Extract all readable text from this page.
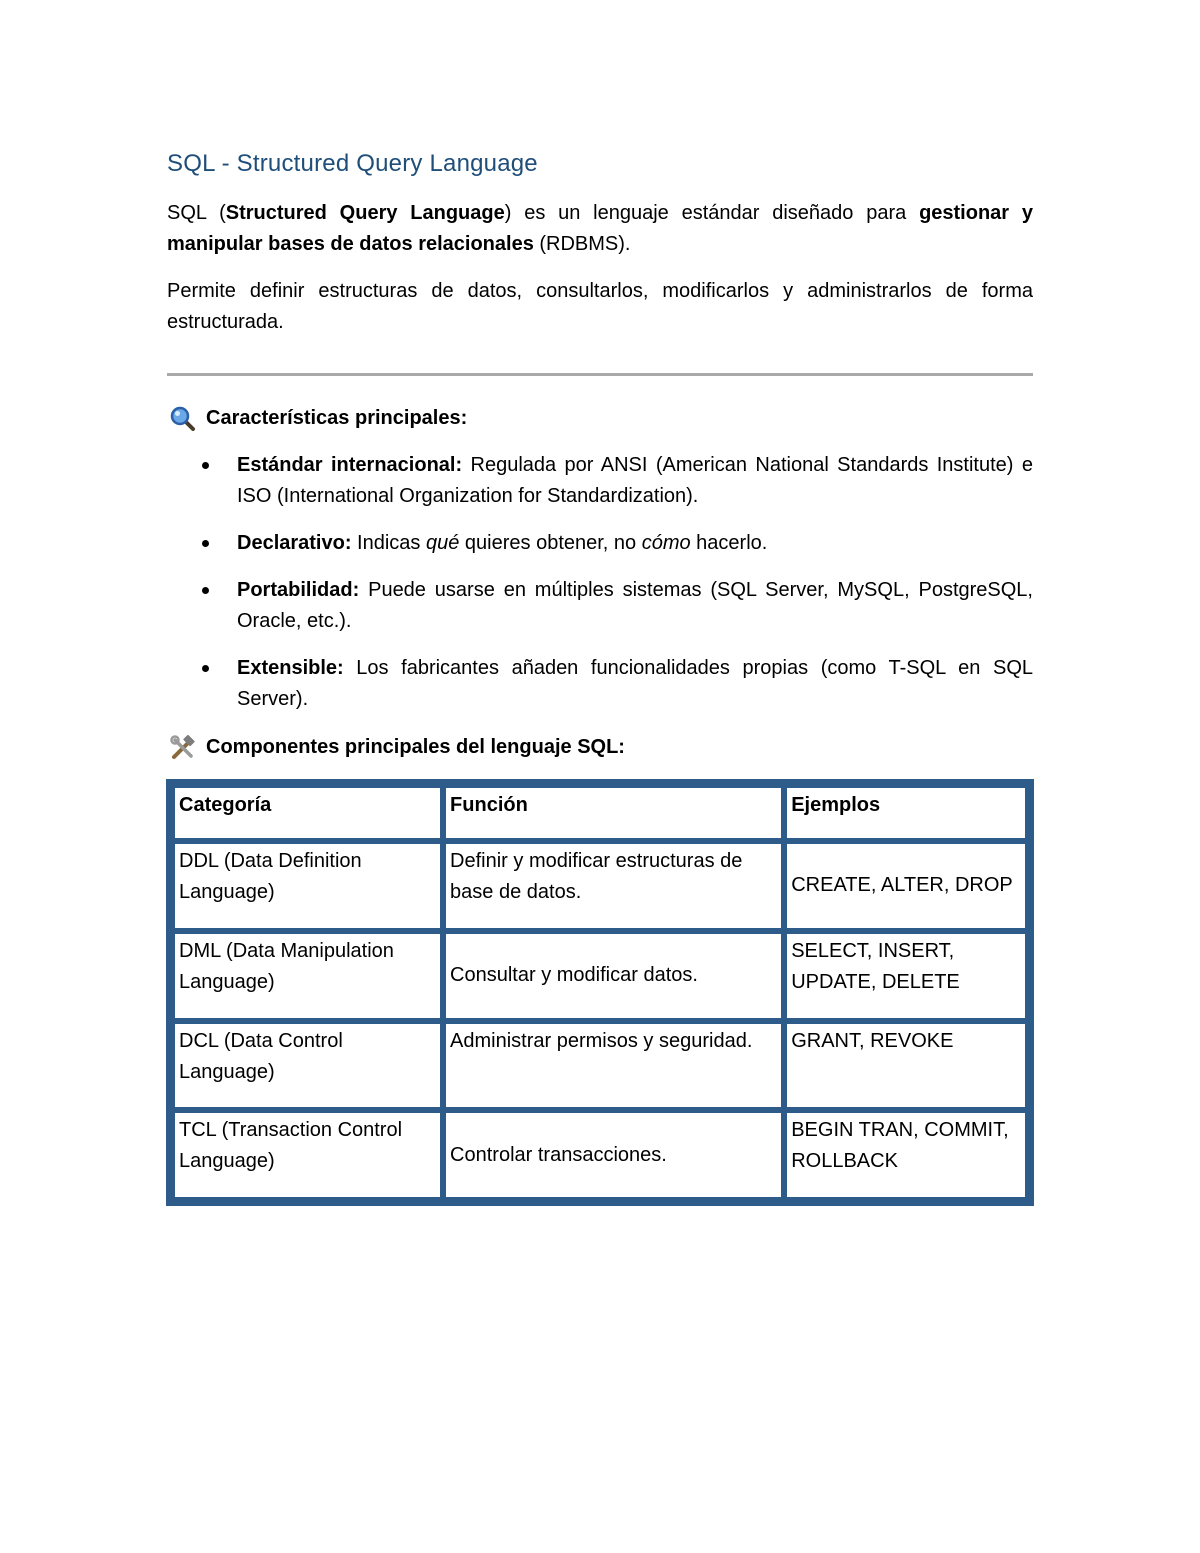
SQL - Structured Query Language
SQL (Structured Query Language) es un lenguaje estándar diseñado para gestionar y manipular bases de datos relacionales (RDBMS).
Permite definir estructuras de datos, consultarlos, modificarlos y administrarlos de forma estructurada.
Características principales:
Estándar internacional: Regulada por ANSI (American National Standards Institute) e ISO (International Organization for Standardization).
Declarativo: Indicas qué quieres obtener, no cómo hacerlo.
Portabilidad: Puede usarse en múltiples sistemas (SQL Server, MySQL, PostgreSQL, Oracle, etc.).
Extensible: Los fabricantes añaden funcionalidades propias (como T-SQL en SQL Server).
Componentes principales del lenguaje SQL:
Categoría	Función	Ejemplos
DDL (Data Definition Language)	Definir y modificar estructuras de base de datos.	CREATE, ALTER, DROP
DML (Data Manipulation Language)	Consultar y modificar datos.	SELECT, INSERT, UPDATE, DELETE
DCL (Data Control Language)	Administrar permisos y seguridad.	GRANT, REVOKE
TCL (Transaction Control Language)	Controlar transacciones.	BEGIN TRAN, COMMIT, ROLLBACK
